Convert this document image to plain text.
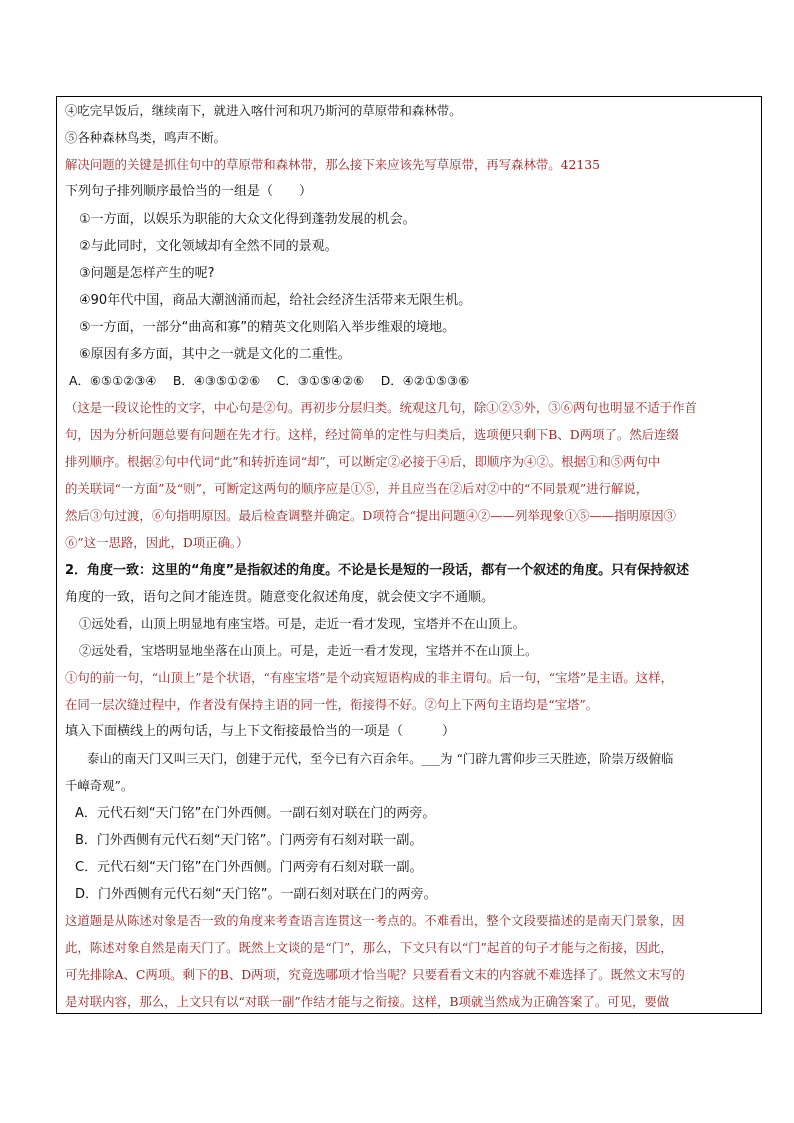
④吃完早饭后，继续南下，就进入喀什河和巩乃斯河的草原带和森林带。
⑤各种森林鸟类，鸣声不断。
解决问题的关键是抓住句中的草原带和森林带，那么接下来应该先写草原带，再写森林带。42135
下列句子排列顺序最恰当的一组是（　　）
①一方面，以娱乐为职能的大众文化得到蓬勃发展的机会。
②与此同时，文化领域却有全然不同的景观。
③问题是怎样产生的呢?
④90年代中国，商品大潮汹涌而起，给社会经济生活带来无限生机。
⑤一方面，一部分“曲高和寡”的精英文化则陷入举步维艰的境地。
⑥原因有多方面，其中之一就是文化的二重性。
A．⑥⑤①②③④　 B．④③⑤①②⑥　 C．③①⑤④②⑥　 D．④②①⑤③⑥
（这是一段议论性的文字，中心句是②句。再初步分层归类。统观这几句，除①②⑤外，③⑥两句也明显不适于作首
句，因为分析问题总要有问题在先才行。这样，经过简单的定性与归类后，选项便只剩下B、D两项了。然后连缀
排列顺序。根据②句中代词“此”和转折连词“却”，可以断定②必接于④后，即顺序为④②。根据①和⑤两句中
的关联词“一方面”及“则”，可断定这两句的顺序应是①⑤，并且应当在②后对②中的“不同景观”进行解说，
然后③句过渡，⑥句指明原因。最后检查调整并确定。D项符合“提出问题④②——列举现象①⑤——指明原因③
⑥”这一思路，因此，D项正确。）
2．角度一致：这里的“角度”是指叙述的角度。不论是长是短的一段话，都有一个叙述的角度。只有保持叙述
角度的一致，语句之间才能连贯。随意变化叙述角度，就会使文字不通顺。
①远处看，山顶上明显地有座宝塔。可是，走近一看才发现，宝塔并不在山顶上。
②远处看，宝塔明显地坐落在山顶上。可是，走近一看才发现，宝塔并不在山顶上。
①句的前一句，“山顶上”是个状语，“有座宝塔”是个动宾短语构成的非主谓句。后一句，“宝塔”是主语。这样，
在同一层次缝过程中，作者没有保持主语的同一性，衔接得不好。②句上下两句主语均是“宝塔”。
填入下面横线上的两句话，与上下文衔接最恰当的一项是（　　　）
泰山的南天门又叫三天门，创建于元代，至今已有六百余年。___为 “门辟九霄仰步三天胜迹，阶崇万级俯临
千嶂奇观”。
A．元代石刻“天门铭”在门外西侧。一副石刻对联在门的两旁。
B．门外西侧有元代石刻“天门铭”。门两旁有石刻对联一副。
C．元代石刻“天门铭”在门外西侧。门两旁有石刻对联一副。
D．门外西侧有元代石刻“天门铭”。一副石刻对联在门的两旁。
这道题是从陈述对象是否一致的角度来考查语言连贯这一考点的。不难看出，整个文段要描述的是南天门景象，因
此，陈述对象自然是南天门了。既然上文谈的是“门”，那么，下文只有以“门”起首的句子才能与之衔接，因此，
可先排除A、C两项。剩下的B、D两项，究竟选哪项才恰当呢？只要看看文末的内容就不难选择了。既然文末写的
是对联内容，那么，上文只有以“对联一副”作结才能与之衔接。这样，B项就当然成为正确答案了。可见，要做
